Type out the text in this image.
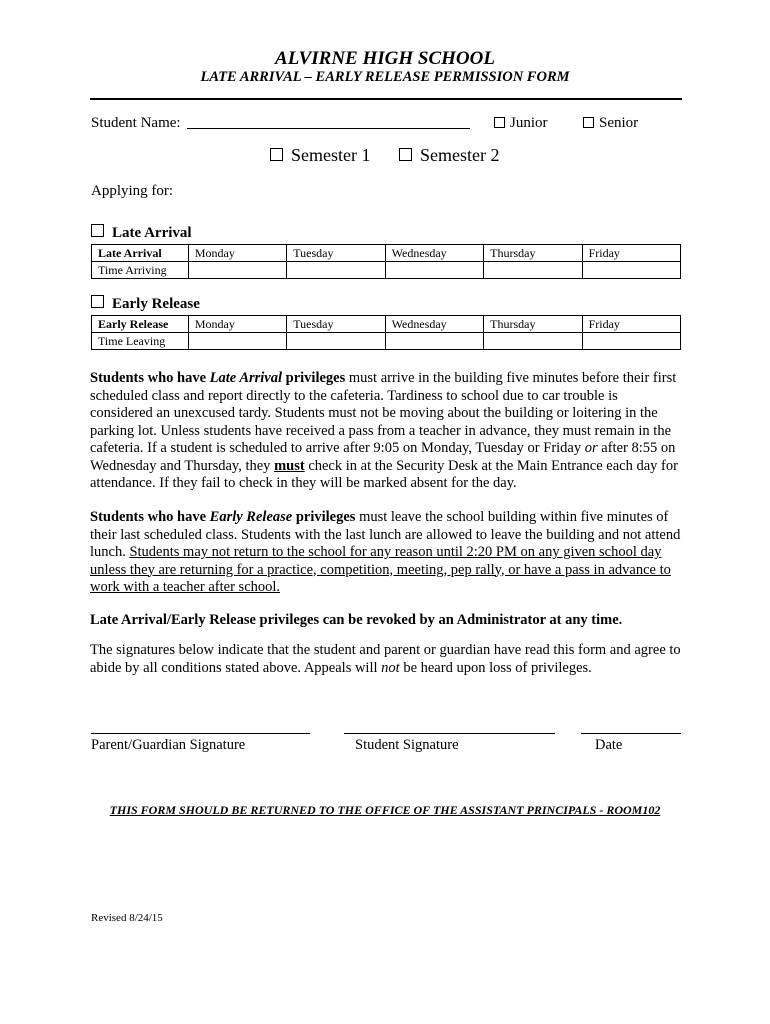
ALVIRNE HIGH SCHOOL
LATE ARRIVAL – EARLY RELEASE PERMISSION FORM
Student Name:	Junior	Senior
Semester 1	Semester 2
Applying for:
Late Arrival
Late Arrival	Monday	Tuesday	Wednesday	Thursday	Friday
Time Arriving					
Early Release
Early Release	Monday	Tuesday	Wednesday	Thursday	Friday
Time Leaving					

Students who have Late Arrival privileges must arrive in the building five minutes before their first scheduled class and report directly to the cafeteria. Tardiness to school due to car trouble is considered an unexcused tardy. Students must not be moving about the building or loitering in the parking lot. Unless students have received a pass from a teacher in advance, they must remain in the cafeteria. If a student is scheduled to arrive after 9:05 on Monday, Tuesday or Friday or after 8:55 on Wednesday and Thursday, they must check in at the Security Desk at the Main Entrance each day for attendance. If they fail to check in they will be marked absent for the day.

Students who have Early Release privileges must leave the school building within five minutes of their last scheduled class. Students with the last lunch are allowed to leave the building and not attend lunch. Students may not return to the school for any reason until 2:20 PM on any given school day unless they are returning for a practice, competition, meeting, pep rally, or have a pass in advance to work with a teacher after school.

Late Arrival/Early Release privileges can be revoked by an Administrator at any time.

The signatures below indicate that the student and parent or guardian have read this form and agree to abide by all conditions stated above. Appeals will not be heard upon loss of privileges.

Parent/Guardian Signature	Student Signature	Date
THIS FORM SHOULD BE RETURNED TO THE OFFICE OF THE ASSISTANT PRINCIPALS - ROOM102
Revised 8/24/15
